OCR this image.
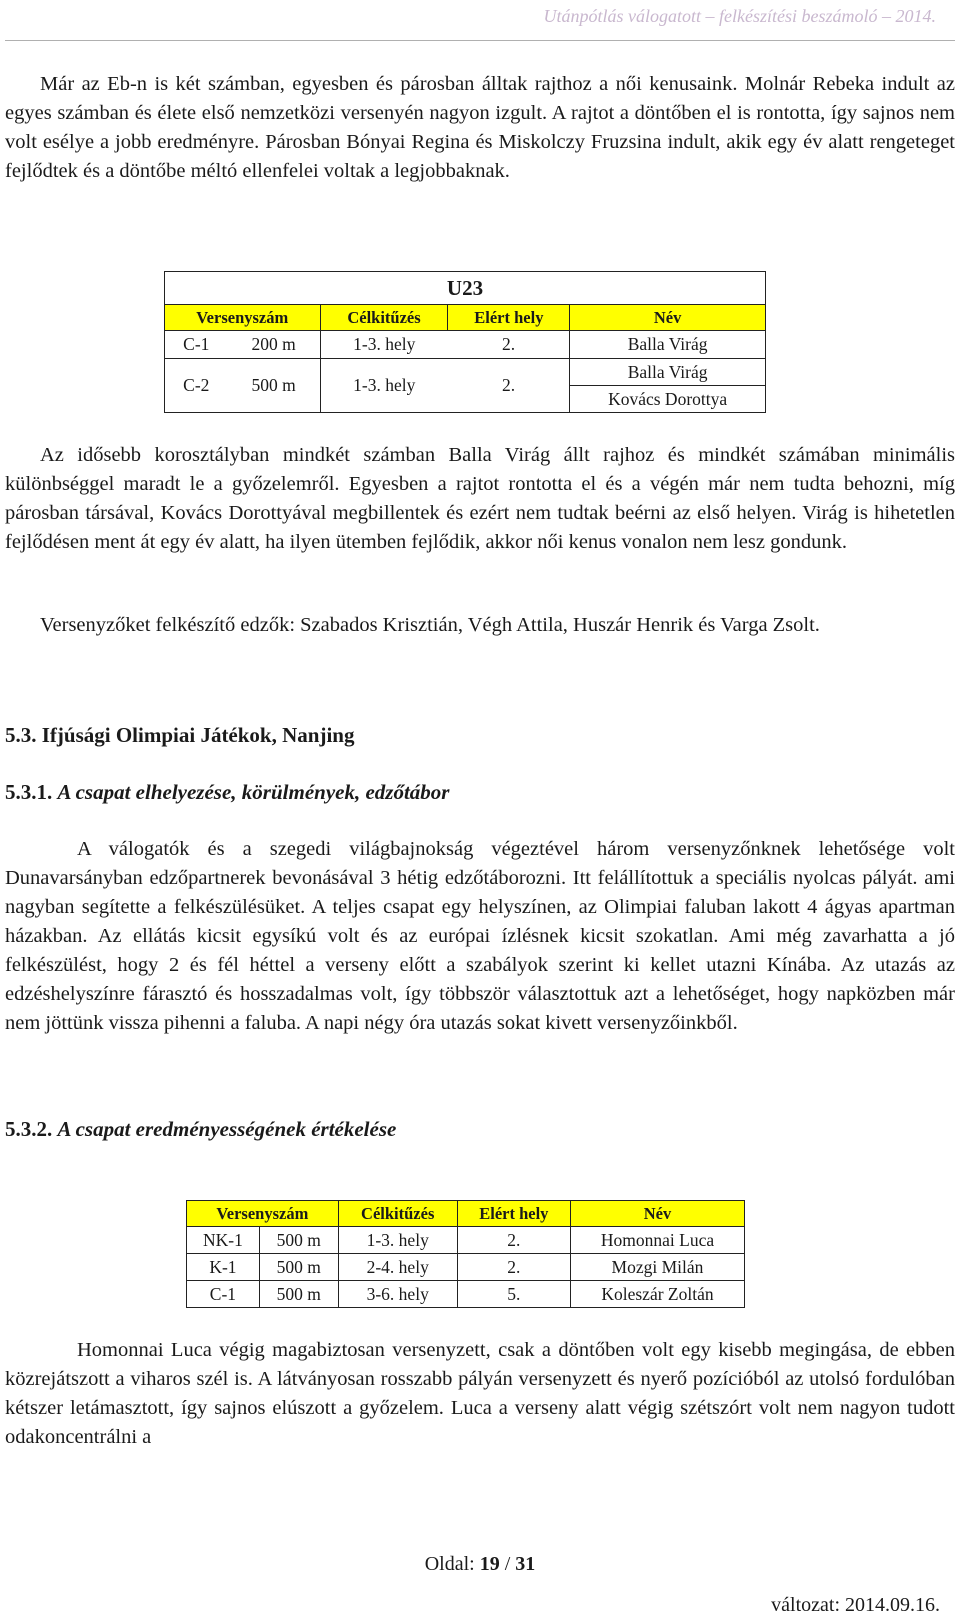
Utánpótlás válogatott – felkészítési beszámoló – 2014.

Már az Eb-n is két számban, egyesben és párosban álltak rajthoz a női kenusaink. Molnár Rebeka indult az egyes számban és élete első nemzetközi versenyén nagyon izgult. A rajtot a döntőben el is rontotta, így sajnos nem volt esélye a jobb eredményre. Párosban Bónyai Regina és Miskolczy Fruzsina indult, akik egy év alatt rengeteget fejlődtek és a döntőbe méltó ellenfelei voltak a legjobbaknak.

U23				
Versenyszám		Célkitűzés	Elért hely	Név
C-1	200 m	1-3. hely	2.	Balla Virág
C-2	500 m	1-3. hely	2.	Balla Virág
				Kovács Dorottya

Az idősebb korosztályban mindkét számban Balla Virág állt rajhoz és mindkét számában minimális különbséggel maradt le a győzelemről. Egyesben a rajtot rontotta el és a végén már nem tudta behozni, míg párosban társával, Kovács Dorottyával megbillentek és ezért nem tudtak beérni az első helyen. Virág is hihetetlen fejlődésen ment át egy év alatt, ha ilyen ütemben fejlődik, akkor női kenus vonalon nem lesz gondunk.

Versenyzőket felkészítő edzők: Szabados Krisztián, Végh Attila, Huszár Henrik és Varga Zsolt.

5.3. Ifjúsági Olimpiai Játékok, Nanjing
5.3.1. A csapat elhelyezése, körülmények, edzőtábor

A válogatók és a szegedi világbajnokság végeztével három versenyzőnknek lehetősége volt Dunavarsányban edzőpartnerek bevonásával 3 hétig edzőtáborozni. Itt felállítottuk a speciális nyolcas pályát. ami nagyban segítette a felkészülésüket. A teljes csapat egy helyszínen, az Olimpiai faluban lakott 4 ágyas apartman házakban. Az ellátás kicsit egysíkú volt és az európai ízlésnek kicsit szokatlan. Ami még zavarhatta a jó felkészülést, hogy 2 és fél héttel a verseny előtt a szabályok szerint ki kellet utazni Kínába. Az utazás az edzéshelyszínre fárasztó és hosszadalmas volt, így többször választottuk azt a lehetőséget, hogy napközben már nem jöttünk vissza pihenni a faluba. A napi négy óra utazás sokat kivett versenyzőinkből.

5.3.2. A csapat eredményességének értékelése
Versenyszám		Célkitűzés	Elért hely	Név
NK-1	500 m	1-3. hely	2.	Homonnai Luca
K-1	500 m	2-4. hely	2.	Mozgi Milán
C-1	500 m	3-6. hely	5.	Koleszár Zoltán

Homonnai Luca végig magabiztosan versenyzett, csak a döntőben volt egy kisebb megingása, de ebben közrejátszott a viharos szél is. A látványosan rosszabb pályán versenyzett és nyerő pozícióból az utolsó fordulóban kétszer letámasztott, így sajnos elúszott a győzelem. Luca a verseny alatt végig szétszórt volt nem nagyon tudott odakoncentrálni a

Oldal: 19 / 31
változat: 2014.09.16.
